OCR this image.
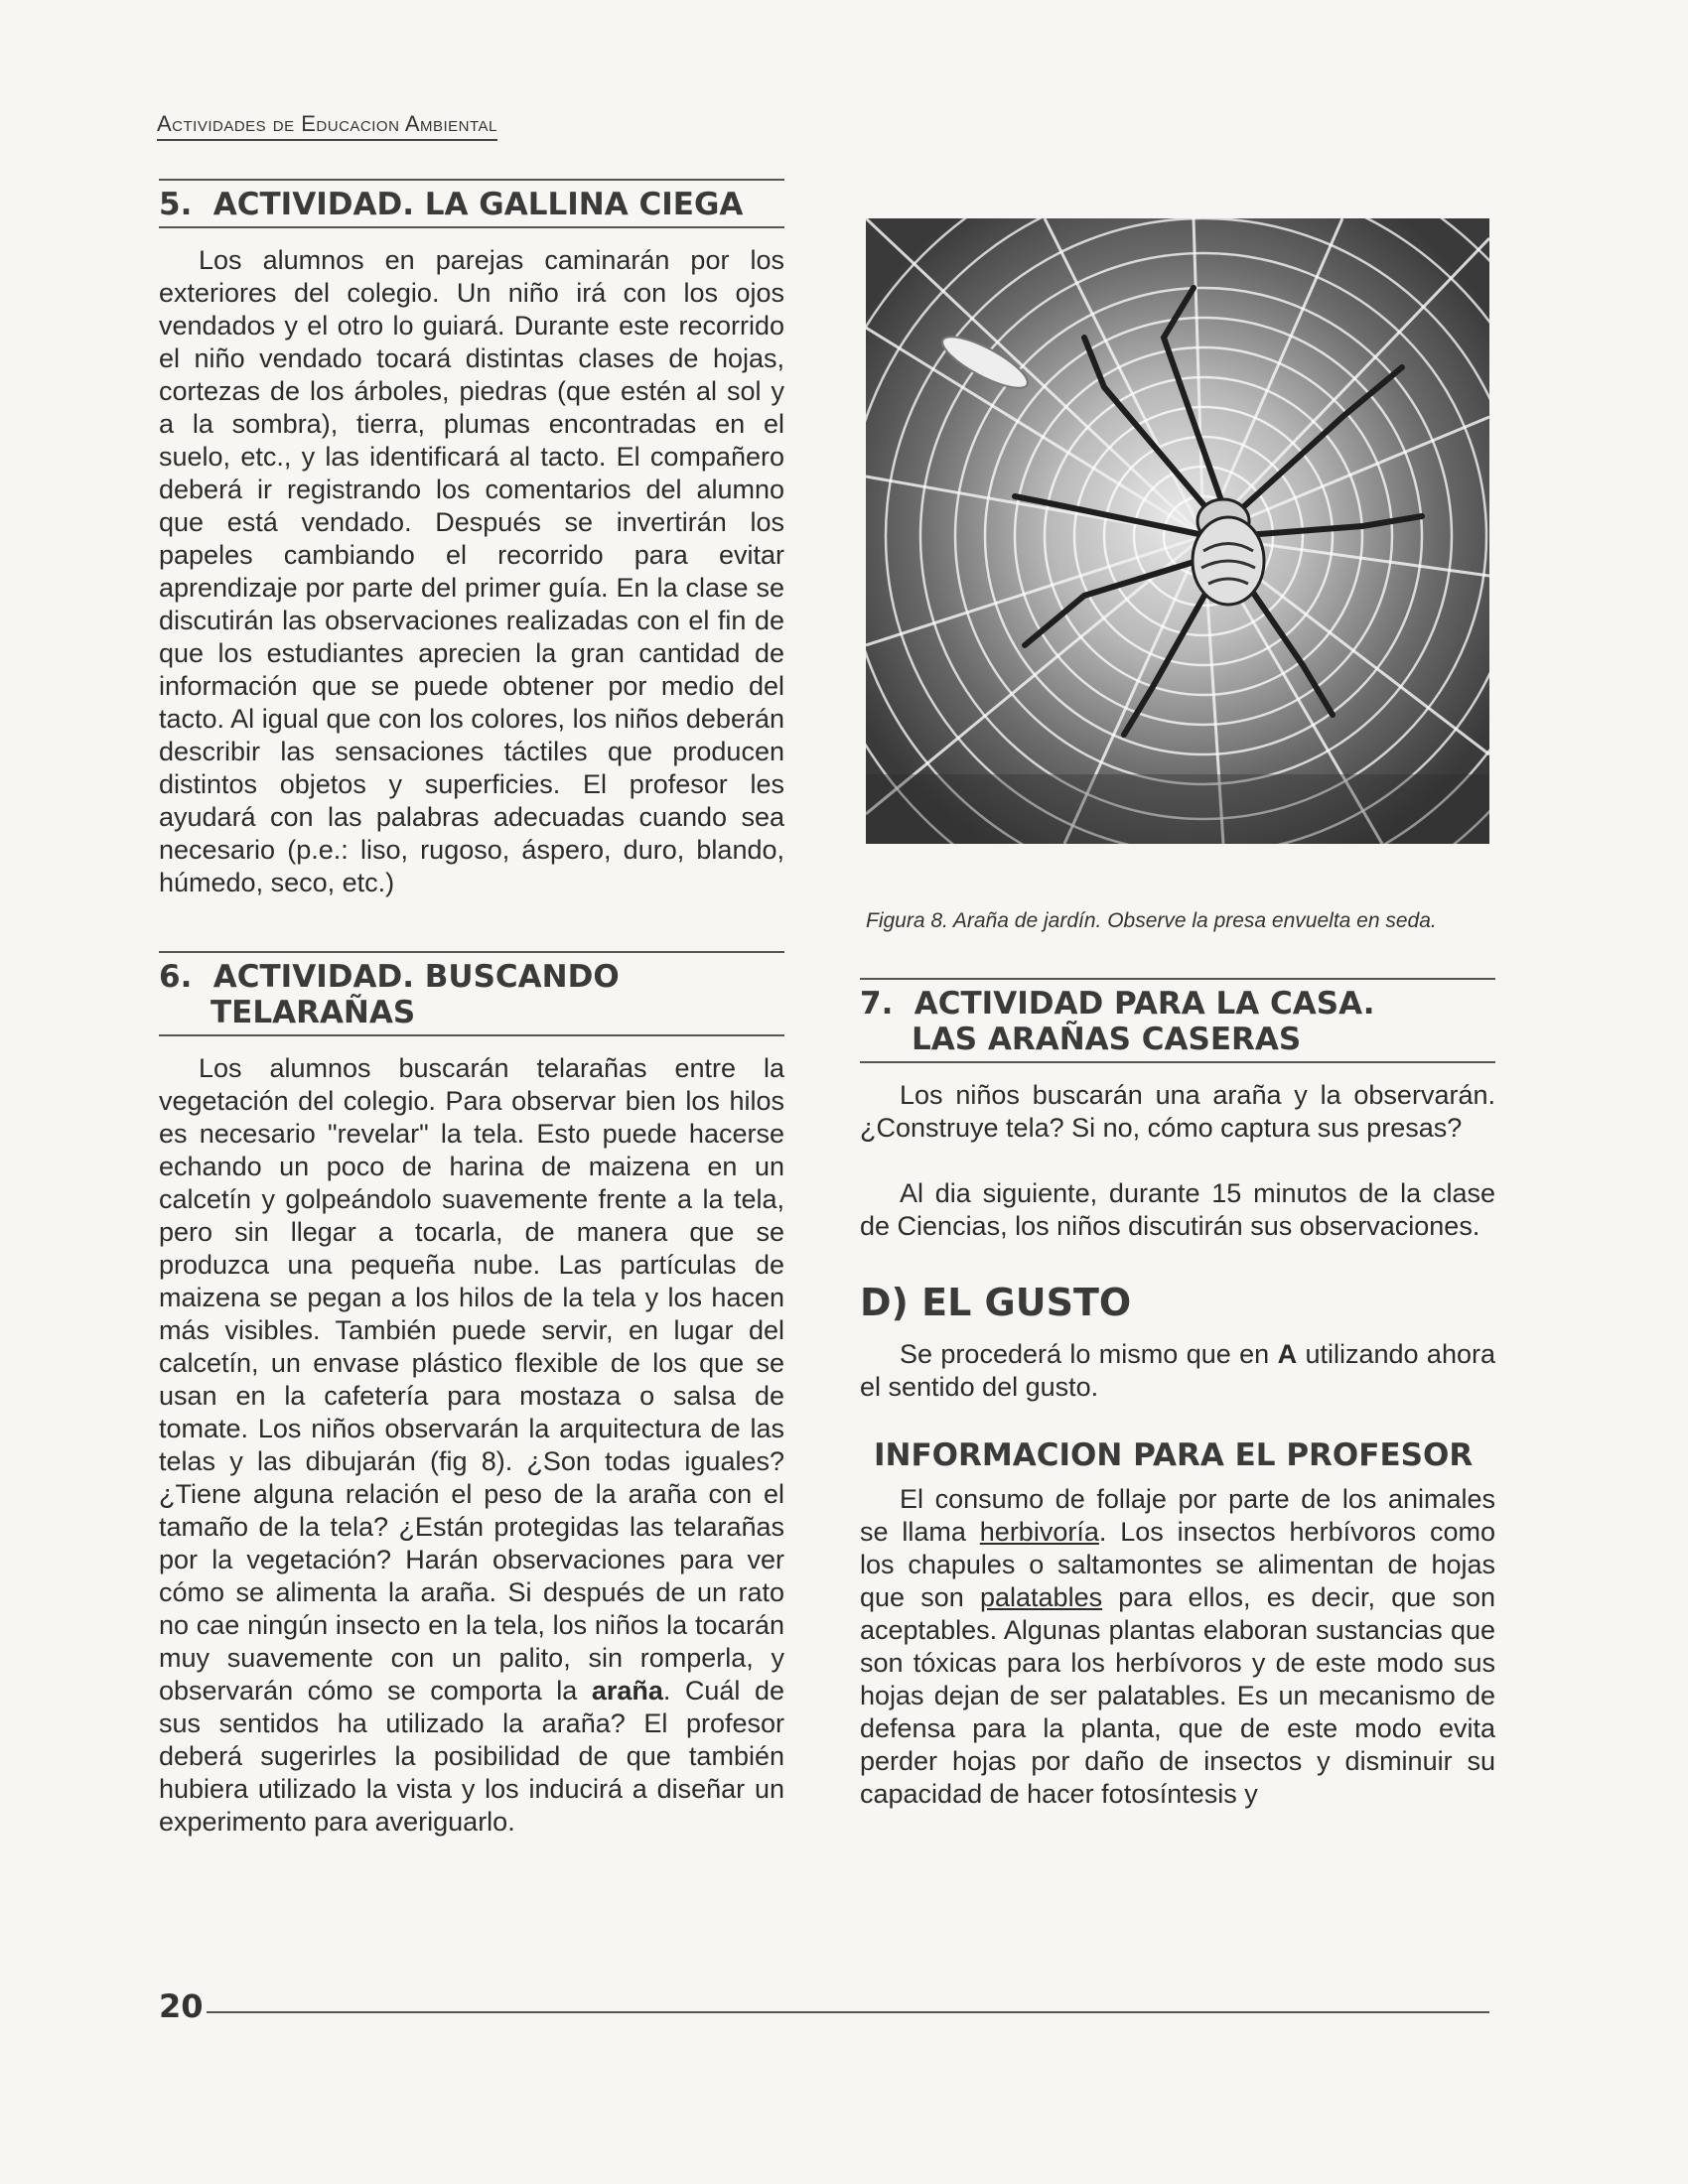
Actividades de Educacion Ambiental
5. ACTIVIDAD. LA GALLINA CIEGA

Los alumnos en parejas caminarán por los exteriores del colegio. Un niño irá con los ojos vendados y el otro lo guiará. Durante este recorrido el niño vendado tocará distintas clases de hojas, cortezas de los árboles, piedras (que estén al sol y a la sombra), tierra, plumas encontradas en el suelo, etc., y las identificará al tacto. El compañero deberá ir registrando los comentarios del alumno que está vendado. Después se invertirán los papeles cambiando el recorrido para evitar aprendizaje por parte del primer guía. En la clase se discutirán las observaciones realizadas con el fin de que los estudiantes aprecien la gran cantidad de información que se puede obtener por medio del tacto. Al igual que con los colores, los niños deberán describir las sensaciones táctiles que producen distintos objetos y superficies. El profesor les ayudará con las palabras adecuadas cuando sea necesario (p.e.: liso, rugoso, áspero, duro, blando, húmedo, seco, etc.)

6. ACTIVIDAD. BUSCANDO
TELARAÑAS

Los alumnos buscarán telarañas entre la vegetación del colegio. Para observar bien los hilos es necesario "revelar" la tela. Esto puede hacerse echando un poco de harina de maizena en un calcetín y golpeándolo suavemente frente a la tela, pero sin llegar a tocarla, de manera que se produzca una pequeña nube. Las partículas de maizena se pegan a los hilos de la tela y los hacen más visibles. También puede servir, en lugar del calcetín, un envase plástico flexible de los que se usan en la cafetería para mostaza o salsa de tomate. Los niños observarán la arquitectura de las telas y las dibujarán (fig 8). ¿Son todas iguales? ¿Tiene alguna relación el peso de la araña con el tamaño de la tela? ¿Están protegidas las telarañas por la vegetación? Harán observaciones para ver cómo se alimenta la araña. Si después de un rato no cae ningún insecto en la tela, los niños la tocarán muy suavemente con un palito, sin romperla, y observarán cómo se comporta la araña. Cuál de sus sentidos ha utilizado la araña? El profesor deberá sugerirles la posibilidad de que también hubiera utilizado la vista y los inducirá a diseñar un experimento para averiguarlo.

Figura 8. Araña de jardín. Observe la presa envuelta en seda.
7. ACTIVIDAD PARA LA CASA.
LAS ARAÑAS CASERAS

Los niños buscarán una araña y la observarán. ¿Construye tela? Si no, cómo captura sus presas?

Al dia siguiente, durante 15 minutos de la clase de Ciencias, los niños discutirán sus observaciones.

D) EL GUSTO

Se procederá lo mismo que en A utilizando ahora el sentido del gusto.

INFORMACION PARA EL PROFESOR

El consumo de follaje por parte de los animales se llama herbivoría. Los insectos herbívoros como los chapules o saltamontes se alimentan de hojas que son palatables para ellos, es decir, que son aceptables. Algunas plantas elaboran sustancias que son tóxicas para los herbívoros y de este modo sus hojas dejan de ser palatables. Es un mecanismo de defensa para la planta, que de este modo evita perder hojas por daño de insectos y disminuir su capacidad de hacer fotosíntesis y

20
